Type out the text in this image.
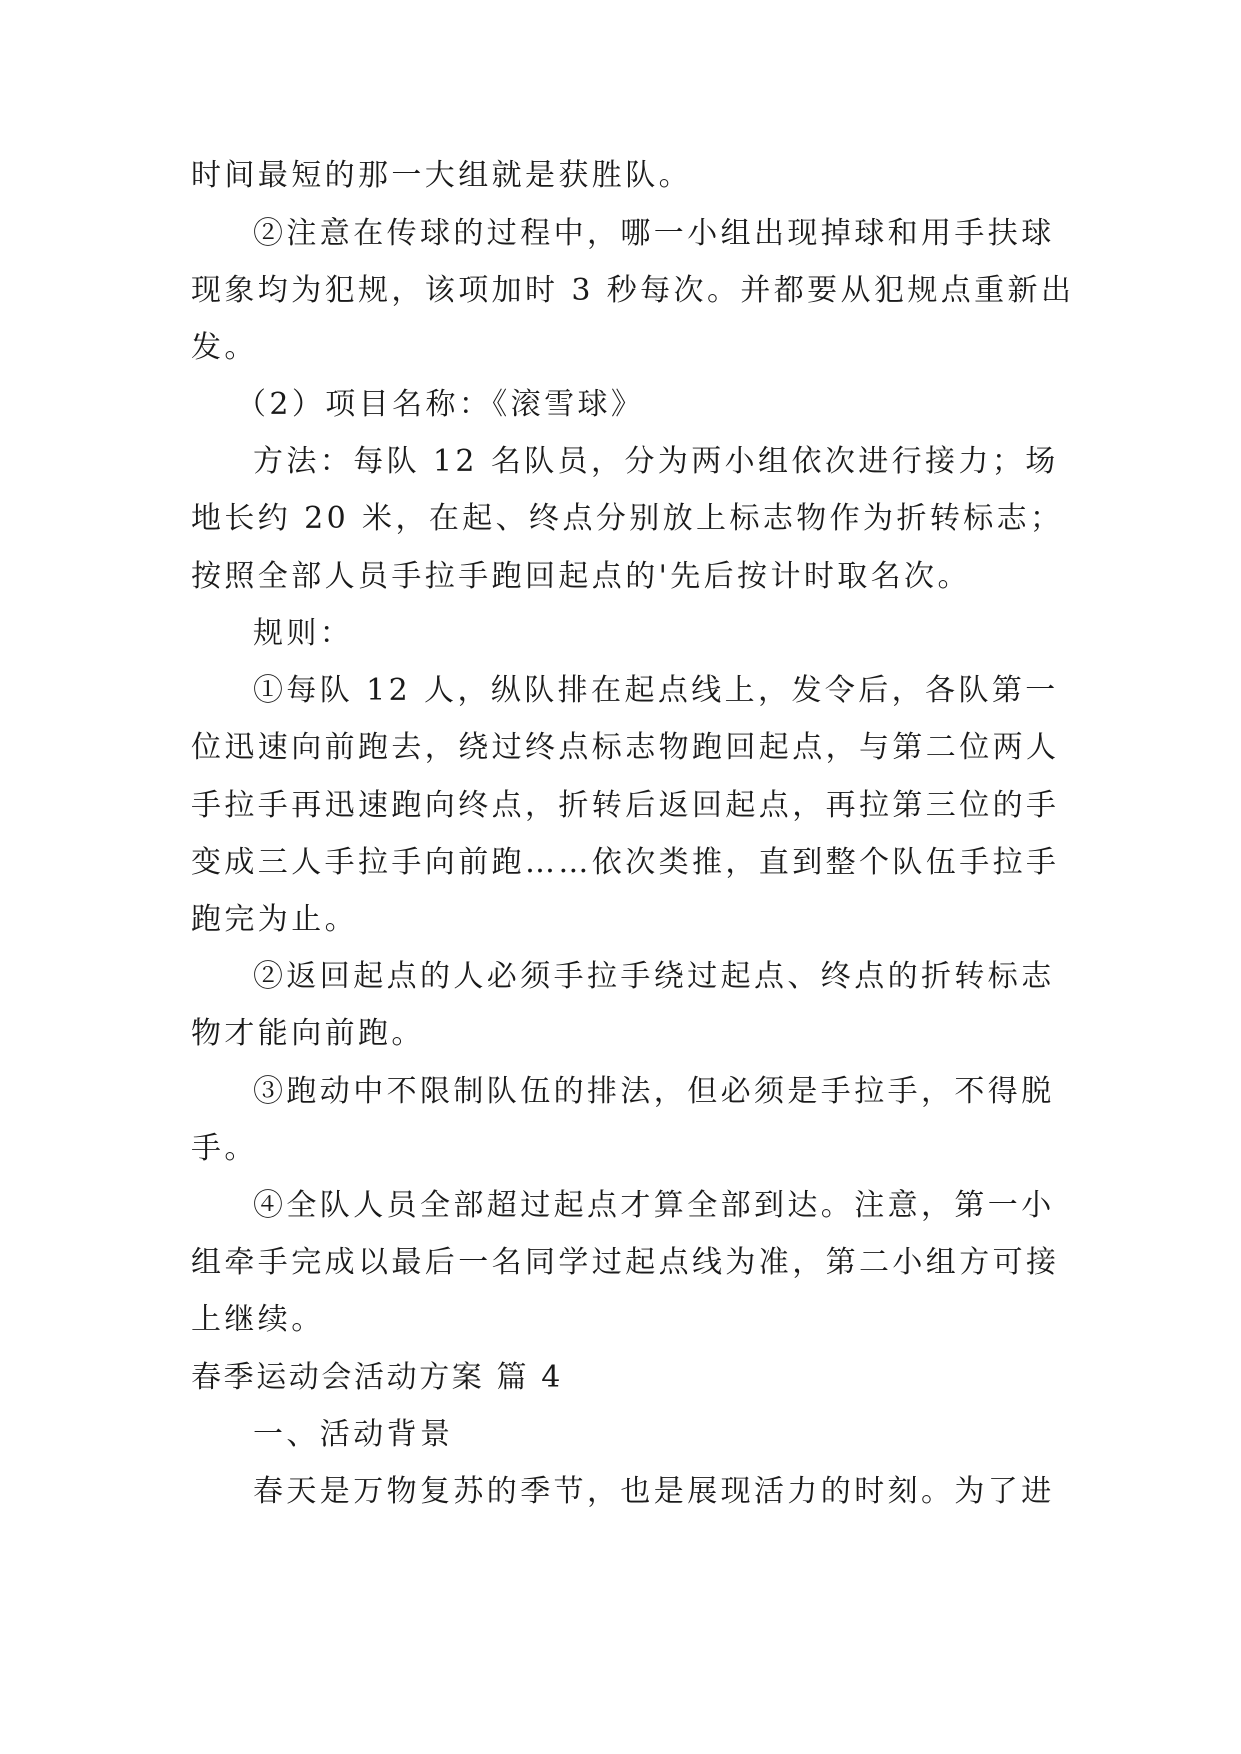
时间最短的那一大组就是获胜队。
②注意在传球的过程中，哪一小组出现掉球和用手扶球
现象均为犯规，该项加时 3 秒每次。并都要从犯规点重新出
发。
（2）项目名称：《滚雪球》
方法：每队 12 名队员，分为两小组依次进行接力；场
地长约 20 米，在起、终点分别放上标志物作为折转标志；
按照全部人员手拉手跑回起点的'先后按计时取名次。
规则：
①每队 12 人，纵队排在起点线上，发令后，各队第一
位迅速向前跑去，绕过终点标志物跑回起点，与第二位两人
手拉手再迅速跑向终点，折转后返回起点，再拉第三位的手
变成三人手拉手向前跑……依次类推，直到整个队伍手拉手
跑完为止。
②返回起点的人必须手拉手绕过起点、终点的折转标志
物才能向前跑。
③跑动中不限制队伍的排法，但必须是手拉手，不得脱
手。
④全队人员全部超过起点才算全部到达。注意，第一小
组牵手完成以最后一名同学过起点线为准，第二小组方可接
上继续。
春季运动会活动方案 篇 4
一、活动背景
春天是万物复苏的季节，也是展现活力的时刻。为了进
